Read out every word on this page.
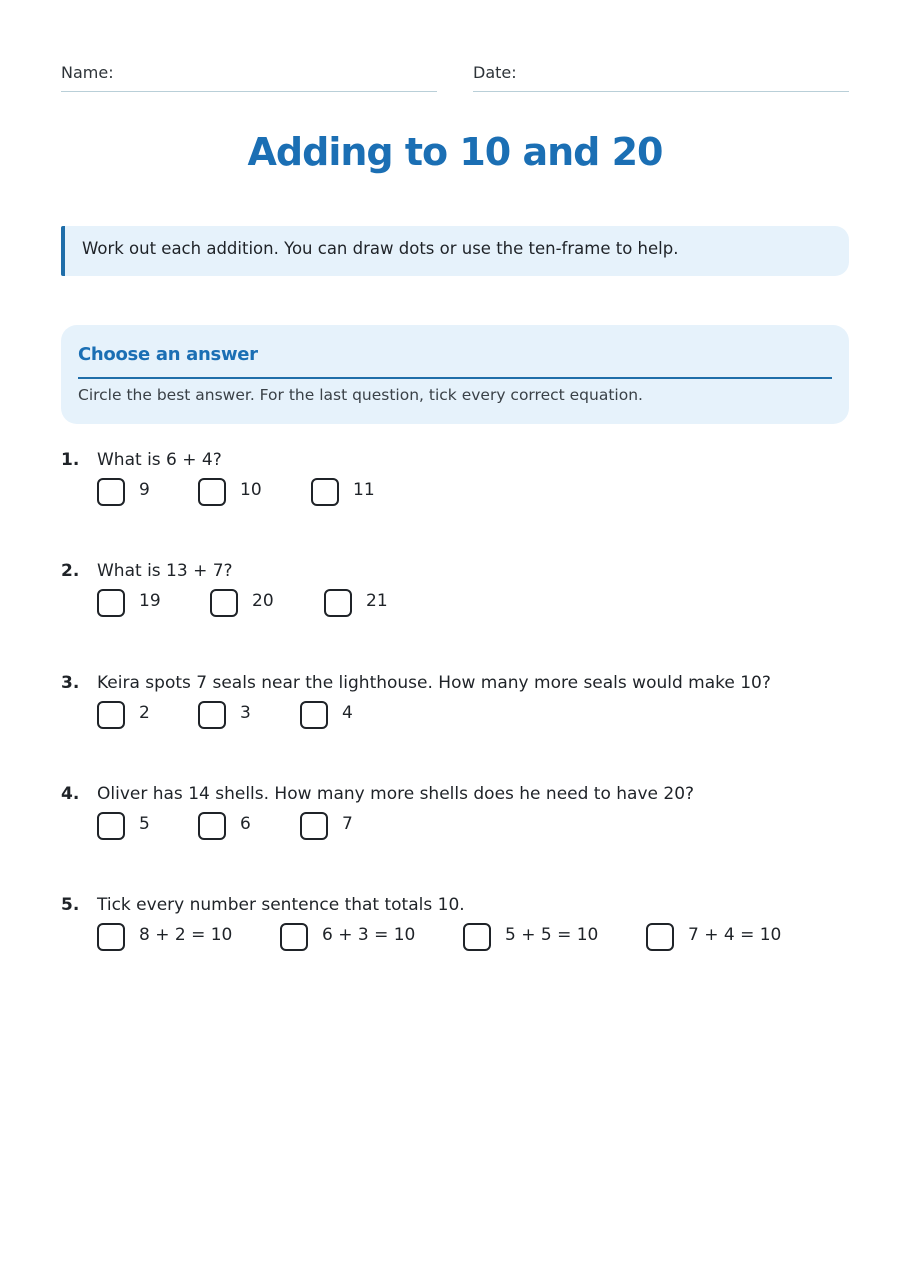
Name:	Date:
Adding to 10 and 20
Work out each addition. You can draw dots or use the ten-frame to help.
Choose an answer
Circle the best answer. For the last question, tick every correct equation.
1. What is 6 + 4?
9	10	11
2. What is 13 + 7?
19	20	21
3. Keira spots 7 seals near the lighthouse. How many more seals would make 10?
2	3	4
4. Oliver has 14 shells. How many more shells does he need to have 20?
5	6	7
5. Tick every number sentence that totals 10.
8 + 2 = 10	6 + 3 = 10	5 + 5 = 10	7 + 4 = 10
